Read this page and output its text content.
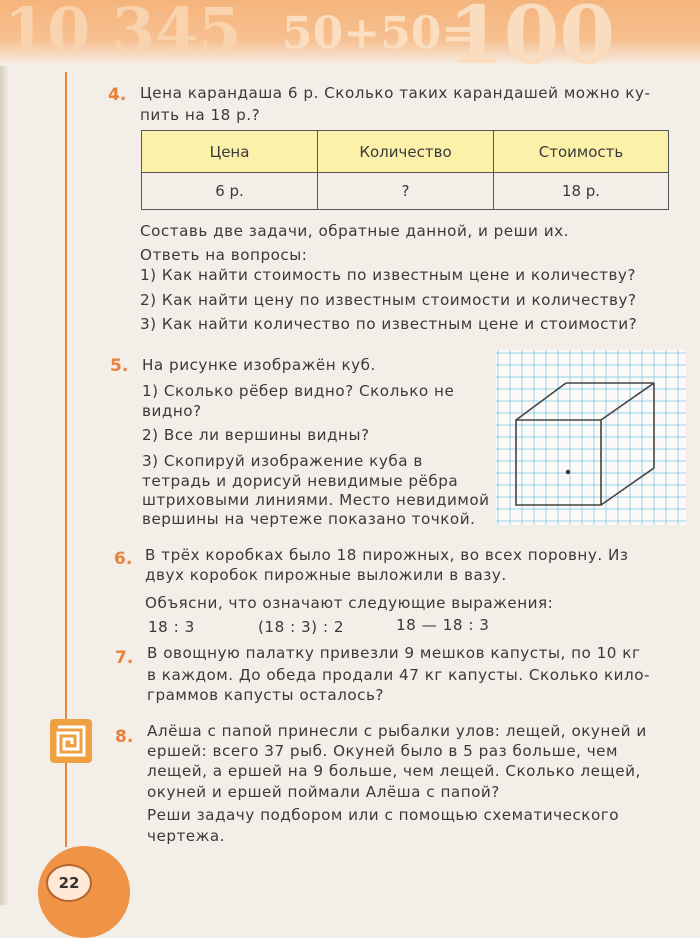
10 345 50+50=
100
4. Цена карандаша 6 р. Сколько таких карандашей можно ку-
пить на 18 р.?
Цена	Количество	Стоимость
6 р.	?	18 р.
Составь две задачи, обратные данной, и реши их.
Ответь на вопросы:
1) Как найти стоимость по известным цене и количеству?
2) Как найти цену по известным стоимости и количеству?
3) Как найти количество по известным цене и стоимости?
5. На рисунке изображён куб.
1) Сколько рёбер видно? Сколько не
видно?
2) Все ли вершины видны?
3) Скопируй изображение куба в
тетрадь и дорисуй невидимые рёбра
штриховыми линиями. Место невидимой
вершины на чертеже показано точкой.
6. В трёх коробках было 18 пирожных, во всех поровну. Из
двух коробок пирожные выложили в вазу.
Объясни, что означают следующие выражения:
18 : 3	(18 : 3) : 2	18 — 18 : 3
7. В овощную палатку привезли 9 мешков капусты, по 10 кг
в каждом. До обеда продали 47 кг капусты. Сколько кило-
граммов капусты осталось?
8. Алёша с папой принесли с рыбалки улов: лещей, окуней и
ершей: всего 37 рыб. Окуней было в 5 раз больше, чем
лещей, а ершей на 9 больше, чем лещей. Сколько лещей,
окуней и ершей поймали Алёша с папой?
Реши задачу подбором или с помощью схематического
чертежа.
22
